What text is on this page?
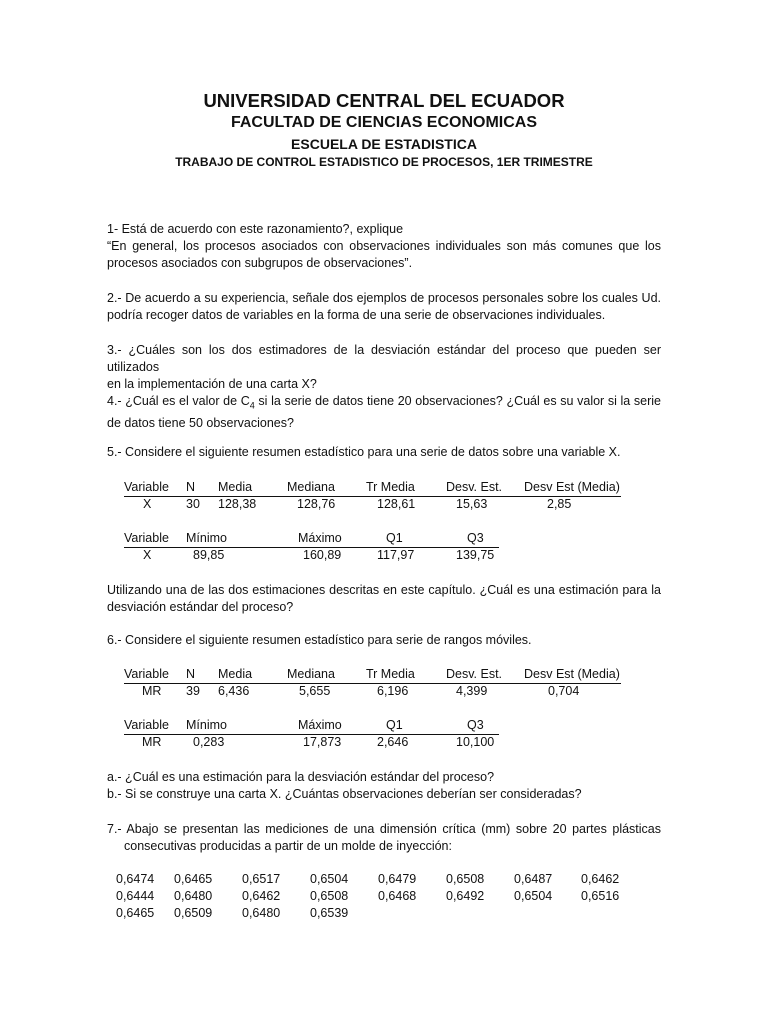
UNIVERSIDAD CENTRAL DEL ECUADOR
FACULTAD DE CIENCIAS ECONOMICAS
ESCUELA DE ESTADISTICA
TRABAJO DE CONTROL ESTADISTICO DE PROCESOS, 1ER TRIMESTRE
1- Está de acuerdo con este razonamiento?, explique
“En general, los procesos asociados con observaciones individuales son más comunes que los
procesos asociados con subgrupos de observaciones”.
2.- De acuerdo a su experiencia, señale dos ejemplos de procesos personales sobre los cuales Ud.
podría recoger datos de variables en la forma de una serie de observaciones individuales.
3.- ¿Cuáles son los dos estimadores de la desviación estándar del proceso que pueden ser utilizados
en la implementación de una carta X?
4.- ¿Cuál es el valor de $C_4$ si la serie de datos tiene 20 observaciones? ¿Cuál es su valor si la serie
de datos tiene 50 observaciones?
5.- Considere el siguiente resumen estadístico para una serie de datos sobre una variable X.
Variable	N	Media	Mediana	Tr Media	Desv. Est.	Desv Est (Media)
X	30 128,38	128,76	128,61	15,63	2,85
Variable	Mínimo	Máximo	Q1	Q3
X	89,85	160,89	117,97	139,75
Utilizando una de las dos estimaciones descritas en este capítulo. ¿Cuál es una estimación para la
desviación estándar del proceso?
6.- Considere el siguiente resumen estadístico para serie de rangos móviles.
Variable	N	Media	Mediana	Tr Media	Desv. Est.	Desv Est (Media)
MR 39 6,436	5,655	6,196	4,399	0,704
Variable	Mínimo	Máximo	Q1	Q3
MR	0,283	17,873	2,646	10,100
a.- ¿Cuál es una estimación para la desviación estándar del proceso?
b.- Si se construye una carta X. ¿Cuántas observaciones deberían ser consideradas?
7.- Abajo se presentan las mediciones de una dimensión crítica (mm) sobre 20 partes plásticas
consecutivas producidas a partir de un molde de inyección:
0,6474 0,6465 0,6517 0,6504 0,6479 0,6508 0,6487 0,6462
0,6444 0,6480 0,6462 0,6508 0,6468 0,6492 0,6504 0,6516
0,6465 0,6509 0,6480 0,6539
